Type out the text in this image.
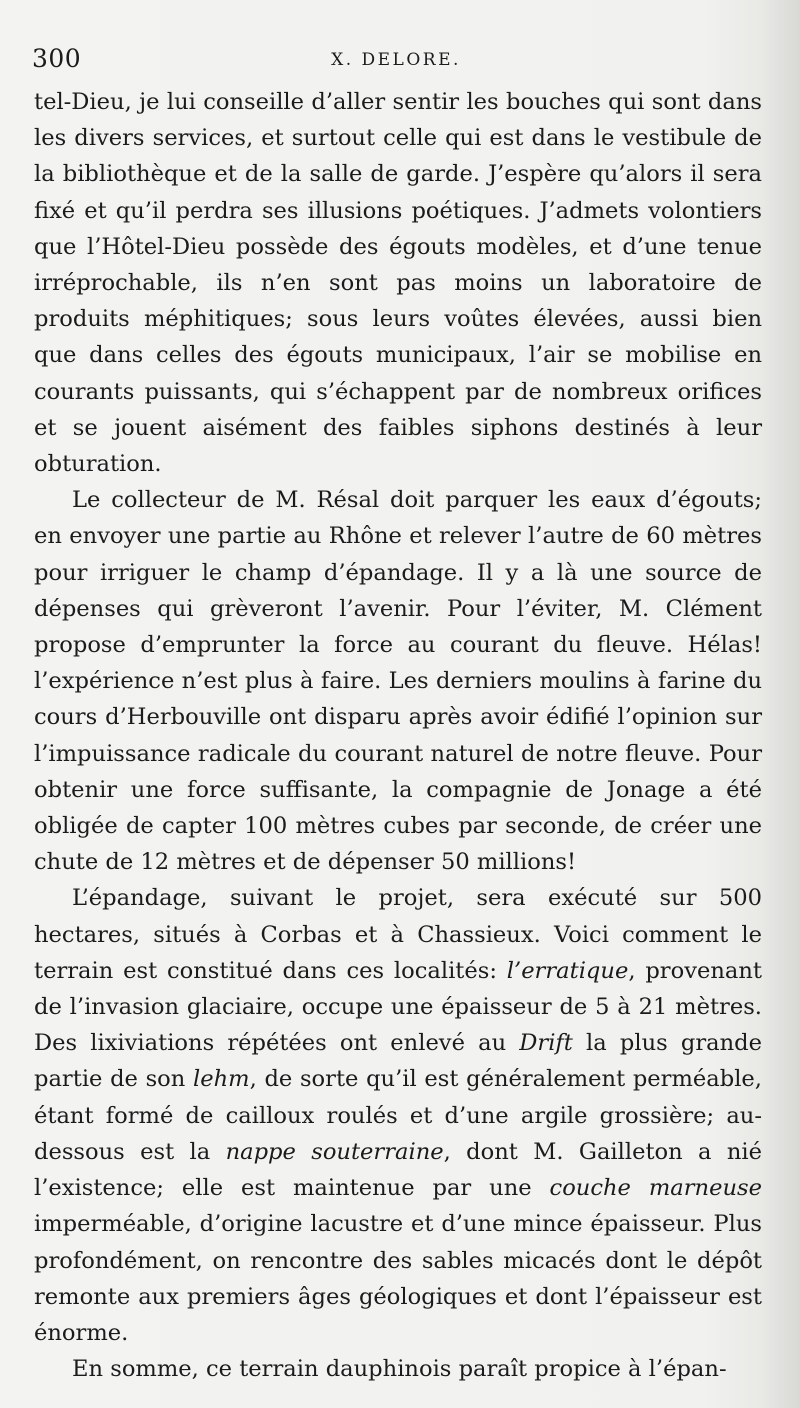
300	X. DELORE.

tel-Dieu, je lui conseille d’aller sentir les bouches qui sont dans les divers services, et surtout celle qui est dans le vestibule de la bibliothèque et de la salle de garde. J’espère qu’alors il sera fixé et qu’il perdra ses illusions poétiques. J’admets volontiers que l’Hôtel-Dieu possède des égouts modèles, et d’une tenue irréprochable, ils n’en sont pas moins un laboratoire de produits méphitiques; sous leurs voûtes élevées, aussi bien que dans celles des égouts municipaux, l’air se mobilise en courants puissants, qui s’échappent par de nombreux orifices et se jouent aisément des faibles siphons destinés à leur obturation.

Le collecteur de M. Résal doit parquer les eaux d’égouts; en envoyer une partie au Rhône et relever l’autre de 60 mètres pour irriguer le champ d’épandage. Il y a là une source de dépenses qui grèveront l’avenir. Pour l’éviter, M. Clément propose d’emprunter la force au courant du fleuve. Hélas! l’expérience n’est plus à faire. Les derniers moulins à farine du cours d’Herbouville ont disparu après avoir édifié l’opinion sur l’impuissance radicale du courant naturel de notre fleuve. Pour obtenir une force suffisante, la compagnie de Jonage a été obligée de capter 100 mètres cubes par seconde, de créer une chute de 12 mètres et de dépenser 50 millions!

L’épandage, suivant le projet, sera exécuté sur 500 hectares, situés à Corbas et à Chassieux. Voici comment le terrain est constitué dans ces localités: l’erratique, provenant de l’invasion glaciaire, occupe une épaisseur de 5 à 21 mètres. Des lixiviations répétées ont enlevé au Drift la plus grande partie de son lehm, de sorte qu’il est généralement perméable, étant formé de cailloux roulés et d’une argile grossière; au-dessous est la nappe souterraine, dont M. Gailleton a nié l’existence; elle est maintenue par une couche marneuse imperméable, d’origine lacustre et d’une mince épaisseur. Plus profondément, on rencontre des sables micacés dont le dépôt remonte aux premiers âges géologiques et dont l’épaisseur est énorme.

En somme, ce terrain dauphinois paraît propice à l’épan-
